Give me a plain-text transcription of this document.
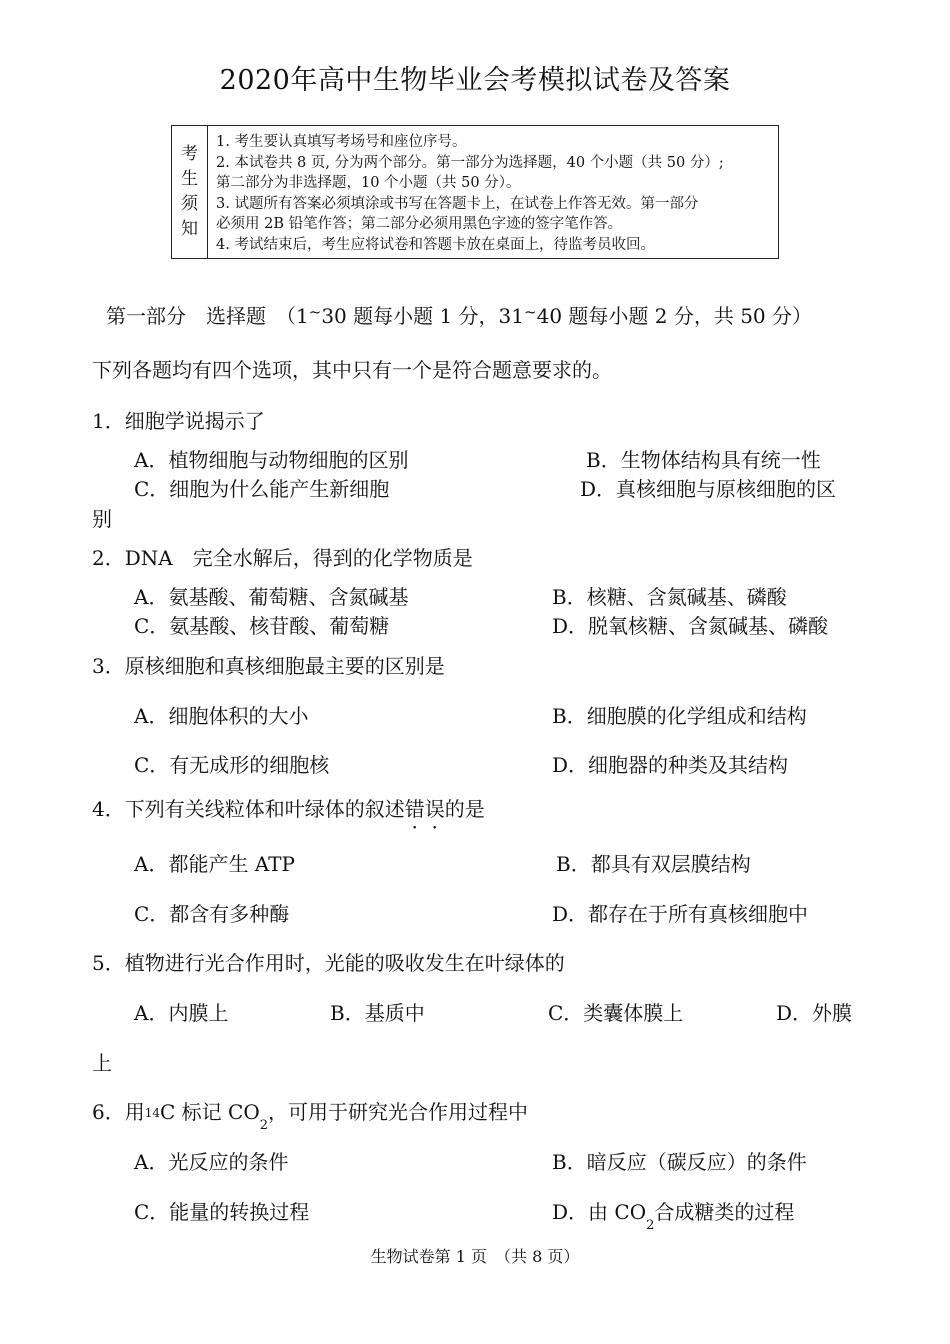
2020年高中生物毕业会考模拟试卷及答案
考
生
须
知
1. 考生要认真填写考场号和座位序号。
2. 本试卷共 8 页, 分为两个部分。第一部分为选择题，40 个小题（共 50 分）;
第二部分为非选择题，10 个小题（共 50 分）。
3. 试题所有答案必须填涂或书写在答题卡上，在试卷上作答无效。第一部分
必须用 2B 铅笔作答；第二部分必须用黑色字迹的签字笔作答。
4. 考试结束后，考生应将试卷和答题卡放在桌面上，待监考员收回。
第一部分　选择题　（1~30 题每小题 1 分，31~40 题每小题 2 分，共 50 分）
下列各题均有四个选项，其中只有一个是符合题意要求的。
1．细胞学说揭示了
A．植物细胞与动物细胞的区别	B．生物体结构具有统一性
C．细胞为什么能产生新细胞	D．真核细胞与原核细胞的区
别
2．DNA　完全水解后，得到的化学物质是
A．氨基酸、葡萄糖、含氮碱基	B．核糖、含氮碱基、磷酸
C．氨基酸、核苷酸、葡萄糖	D．脱氧核糖、含氮碱基、磷酸
3．原核细胞和真核细胞最主要的区别是
A．细胞体积的大小	B．细胞膜的化学组成和结构
C．有无成形的细胞核	D．细胞器的种类及其结构
4．下列有关线粒体和叶绿体的叙述错误的是
A．都能产生 ATP	B．都具有双层膜结构
C．都含有多种酶	D．都存在于所有真核细胞中
5．植物进行光合作用时，光能的吸收发生在叶绿体的
A．内膜上	B．基质中	C．类囊体膜上	D．外膜
上
6．用14C 标记 $CO_2$，可用于研究光合作用过程中
A．光反应的条件	B．暗反应（碳反应）的条件
C．能量的转换过程	D．由 $CO_2$合成糖类的过程
生物试卷第 1 页　（共 8 页）
